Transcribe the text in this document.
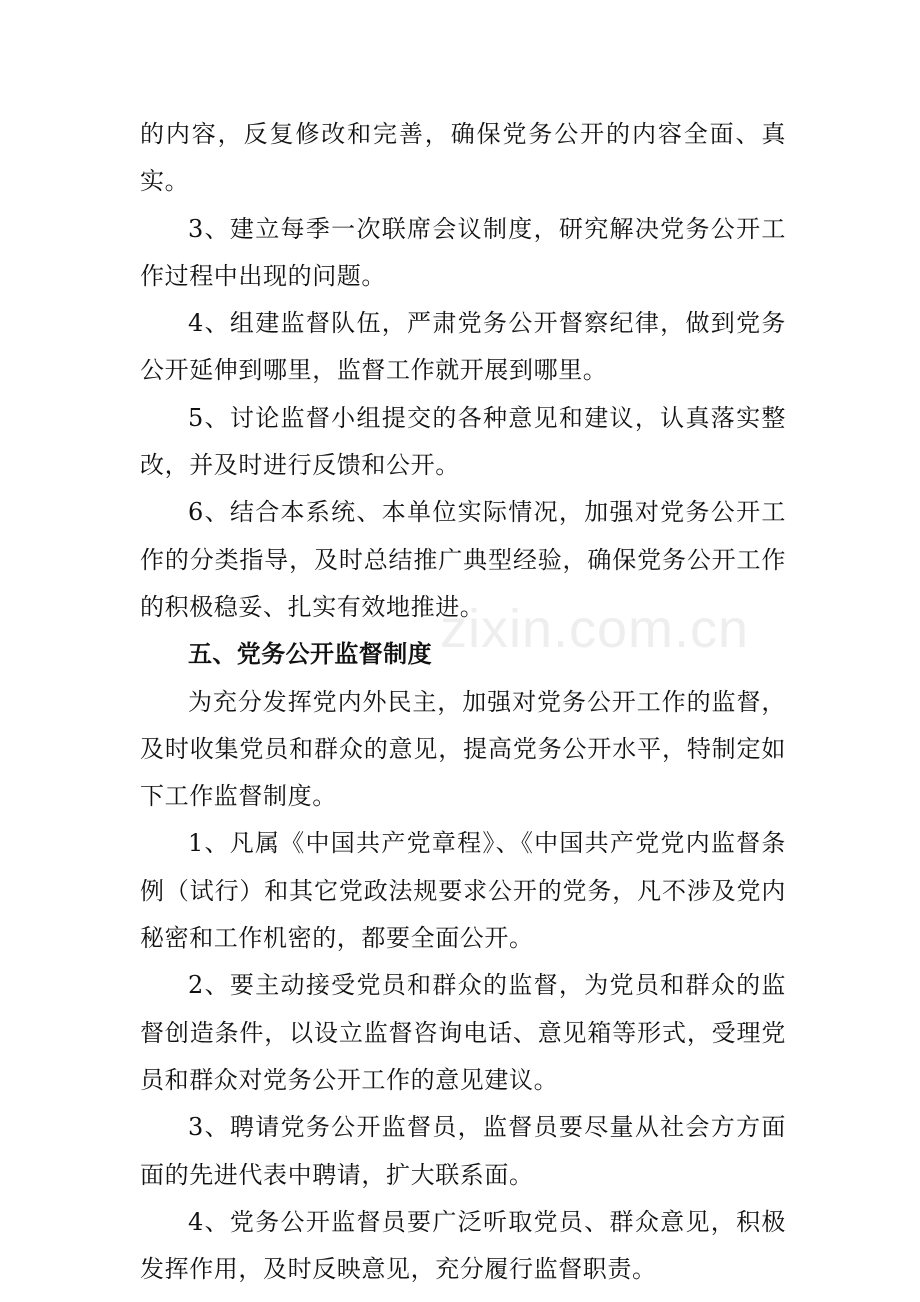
的内容，反复修改和完善，确保党务公开的内容全面、真实。

3、建立每季一次联席会议制度，研究解决党务公开工作过程中出现的问题。

4、组建监督队伍，严肃党务公开督察纪律，做到党务公开延伸到哪里，监督工作就开展到哪里。

5、讨论监督小组提交的各种意见和建议，认真落实整改，并及时进行反馈和公开。

6、结合本系统、本单位实际情况，加强对党务公开工作的分类指导，及时总结推广典型经验，确保党务公开工作的积极稳妥、扎实有效地推进。

五、党务公开监督制度

为充分发挥党内外民主，加强对党务公开工作的监督，及时收集党员和群众的意见，提高党务公开水平，特制定如下工作监督制度。

1、凡属《中国共产党章程》、《中国共产党党内监督条例（试行）和其它党政法规要求公开的党务，凡不涉及党内秘密和工作机密的，都要全面公开。

2、要主动接受党员和群众的监督，为党员和群众的监督创造条件，以设立监督咨询电话、意见箱等形式，受理党员和群众对党务公开工作的意见建议。

3、聘请党务公开监督员，监督员要尽量从社会方方面面的先进代表中聘请，扩大联系面。

4、党务公开监督员要广泛听取党员、群众意见，积极发挥作用，及时反映意见，充分履行监督职责。

zixin.com.cn
